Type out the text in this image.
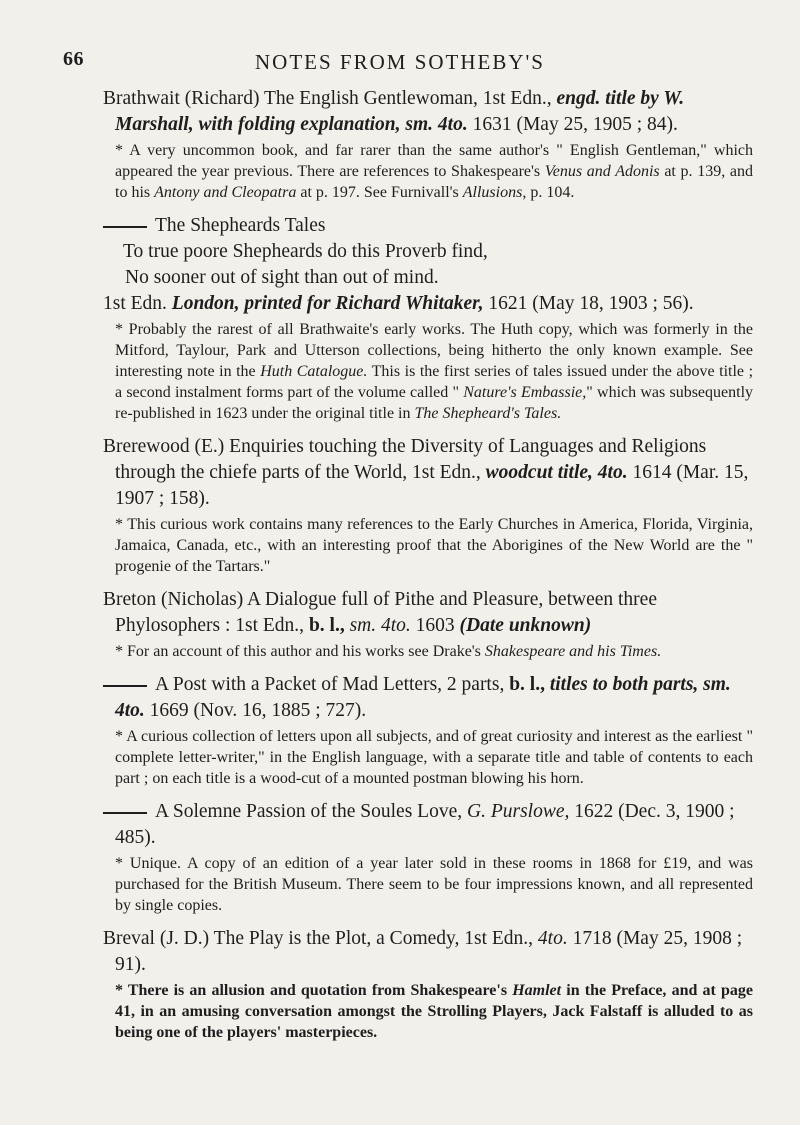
66	NOTES FROM SOTHEBY'S

Brathwait (Richard) The English Gentlewoman, 1st Edn., engd. title by W. Marshall, with folding explanation, sm. 4to. 1631 (May 25, 1905 ; 84).

* A very uncommon book, and far rarer than the same author's " English Gentleman," which appeared the year previous. There are references to Shakespeare's Venus and Adonis at p. 139, and to his Antony and Cleopatra at p. 197. See Furnivall's Allusions, p. 104.

The Shepheards Tales

To true poore Shepheards do this Proverb find,

No sooner out of sight than out of mind.

1st Edn. London, printed for Richard Whitaker, 1621 (May 18, 1903 ; 56).

* Probably the rarest of all Brathwaite's early works. The Huth copy, which was formerly in the Mitford, Taylour, Park and Utterson collections, being hitherto the only known example. See interesting note in the Huth Catalogue. This is the first series of tales issued under the above title ; a second instalment forms part of the volume called " Nature's Embassie," which was subsequently re-published in 1623 under the original title in The Shepheard's Tales.

Brerewood (E.) Enquiries touching the Diversity of Languages and Religions through the chiefe parts of the World, 1st Edn., woodcut title, 4to. 1614 (Mar. 15, 1907 ; 158).

* This curious work contains many references to the Early Churches in America, Florida, Virginia, Jamaica, Canada, etc., with an interesting proof that the Aborigines of the New World are the " progenie of the Tartars."

Breton (Nicholas) A Dialogue full of Pithe and Pleasure, between three Phylosophers : 1st Edn., b. l., sm. 4to. 1603 (Date unknown)

* For an account of this author and his works see Drake's Shakespeare and his Times.

A Post with a Packet of Mad Letters, 2 parts, b. l., titles to both parts, sm. 4to. 1669 (Nov. 16, 1885 ; 727).

* A curious collection of letters upon all subjects, and of great curiosity and interest as the earliest " complete letter-writer," in the English language, with a separate title and table of contents to each part ; on each title is a wood-cut of a mounted postman blowing his horn.

A Solemne Passion of the Soules Love, G. Purslowe, 1622 (Dec. 3, 1900 ; 485).

* Unique. A copy of an edition of a year later sold in these rooms in 1868 for £19, and was purchased for the British Museum. There seem to be four impressions known, and all represented by single copies.

Breval (J. D.) The Play is the Plot, a Comedy, 1st Edn., 4to. 1718 (May 25, 1908 ; 91).

* There is an allusion and quotation from Shakespeare's Hamlet in the Preface, and at page 41, in an amusing conversation amongst the Strolling Players, Jack Falstaff is alluded to as being one of the players' masterpieces.
